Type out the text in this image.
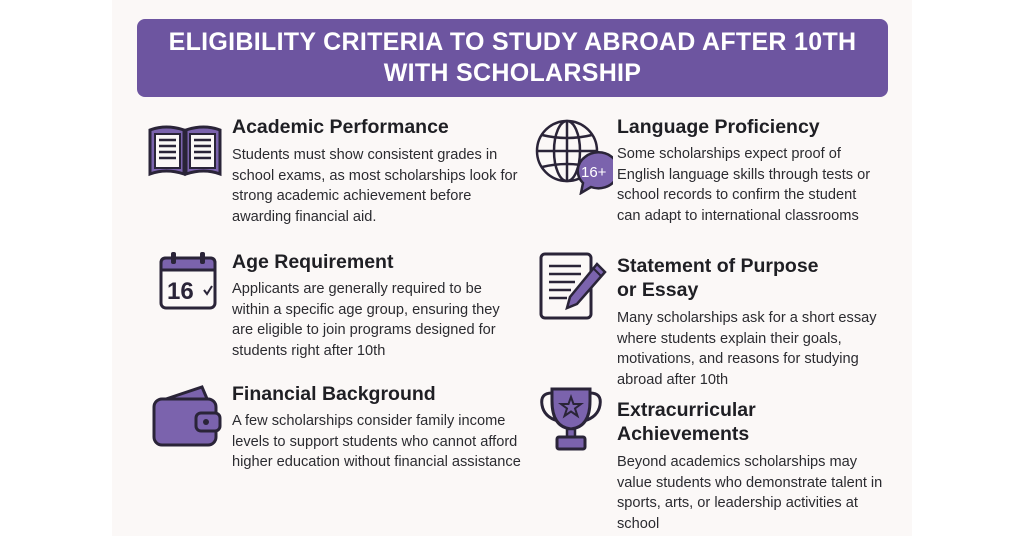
ELIGIBILITY CRITERIA TO STUDY ABROAD AFTER 10TH WITH SCHOLARSHIP
Academic Performance
Students must show consistent grades in school exams, as most scholarships look for strong academic achievement before awarding financial aid.
16
Age Requirement
Applicants are generally required to be within a specific age group, ensuring they are eligible to join programs designed for students right after 10th
Financial Background
A few scholarships consider family income levels to support students who cannot afford higher education without financial assistance
16+
Language Proficiency
Some scholarships expect proof of English language skills through tests or school records to confirm the student can adapt to international classrooms
Statement of Purpose
or Essay
Many scholarships ask for a short essay where students explain their goals, motivations, and reasons for studying abroad after 10th
Extracurricular
Achievements
Beyond academics scholarships may value students who demonstrate talent in sports, arts, or leadership activities at school
